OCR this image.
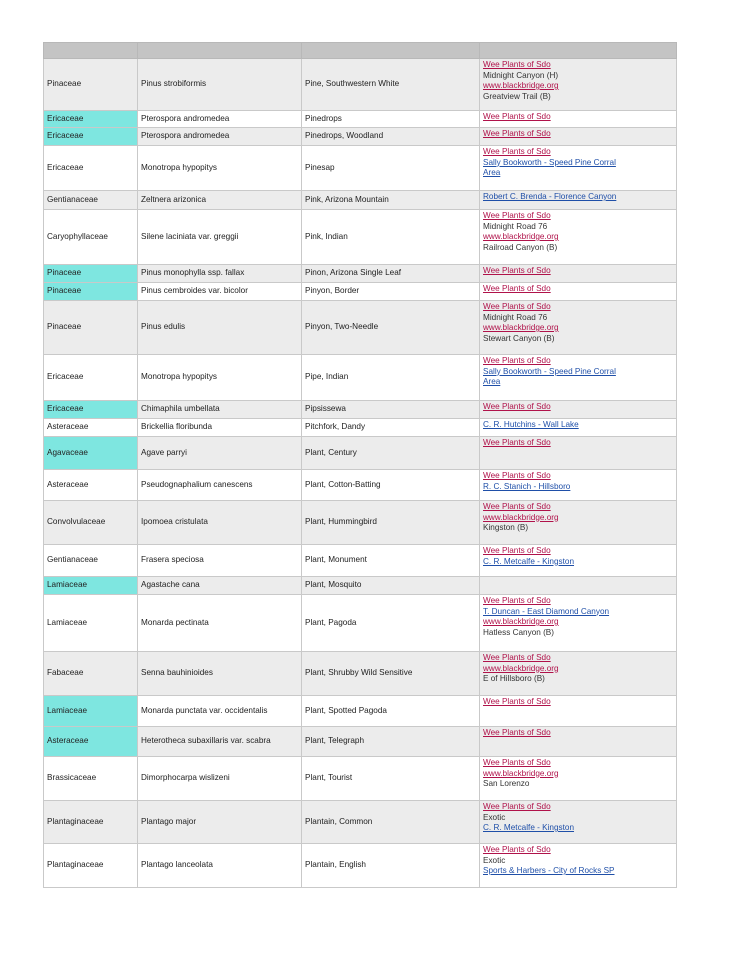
Pinaceae	Pinus strobiformis	Pine, Southwestern White	Wee Plants of Sdo
Midnight Canyon (H)
www.blackbridge.org
Greatview Trail (B)

Ericaceae	Pterospora andromedea	Pinedrops	Wee Plants of Sdo

Ericaceae	Pterospora andromedea	Pinedrops, Woodland	Wee Plants of Sdo

Ericaceae	Monotropa hypopitys	Pinesap	Wee Plants of Sdo
Sally Bookworth - Speed Pine Corral
Area

Gentianaceae	Zeltnera arizonica	Pink, Arizona Mountain	Robert C. Brenda - Florence Canyon

Caryophyllaceae	Silene laciniata var. greggii	Pink, Indian	Wee Plants of Sdo
Midnight Road 76
www.blackbridge.org
Railroad Canyon (B)

Pinaceae	Pinus monophylla ssp. fallax	Pinon, Arizona Single Leaf	Wee Plants of Sdo

Pinaceae	Pinus cembroides var. bicolor	Pinyon, Border	Wee Plants of Sdo

Pinaceae	Pinus edulis	Pinyon, Two-Needle	Wee Plants of Sdo
Midnight Road 76
www.blackbridge.org
Stewart Canyon (B)

Ericaceae	Monotropa hypopitys	Pipe, Indian	Wee Plants of Sdo
Sally Bookworth - Speed Pine Corral
Area

Ericaceae	Chimaphila umbellata	Pipsissewa	Wee Plants of Sdo

Asteraceae	Brickellia floribunda	Pitchfork, Dandy	C. R. Hutchins - Wall Lake

Agavaceae	Agave parryi	Plant, Century	Wee Plants of Sdo

Asteraceae	Pseudognaphalium canescens	Plant, Cotton-Batting	Wee Plants of Sdo
R. C. Stanich - Hillsboro

Convolvulaceae	Ipomoea cristulata	Plant, Hummingbird	Wee Plants of Sdo
www.blackbridge.org
Kingston (B)

Gentianaceae	Frasera speciosa	Plant, Monument	Wee Plants of Sdo
C. R. Metcalfe - Kingston

Lamiaceae	Agastache cana	Plant, Mosquito	
Lamiaceae	Monarda pectinata	Plant, Pagoda	Wee Plants of Sdo
T. Duncan - East Diamond Canyon
www.blackbridge.org
Hatless Canyon (B)

Fabaceae	Senna bauhinioides	Plant, Shrubby Wild Sensitive	Wee Plants of Sdo
www.blackbridge.org
E of Hillsboro (B)

Lamiaceae	Monarda punctata var. occidentalis	Plant, Spotted Pagoda	Wee Plants of Sdo

Asteraceae	Heterotheca subaxillaris var. scabra	Plant, Telegraph	Wee Plants of Sdo

Brassicaceae	Dimorphocarpa wislizeni	Plant, Tourist	Wee Plants of Sdo
www.blackbridge.org
San Lorenzo

Plantaginaceae	Plantago major	Plantain, Common	Wee Plants of Sdo
Exotic
C. R. Metcalfe - Kingston

Plantaginaceae	Plantago lanceolata	Plantain, English	Wee Plants of Sdo
Exotic
Sports & Harbers - City of Rocks SP
